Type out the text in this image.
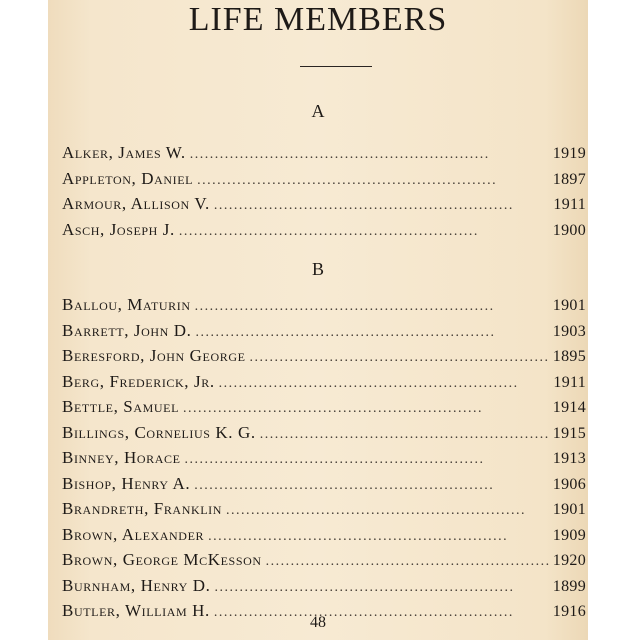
LIFE MEMBERS
A
Alker, James W. . . .	1919
Appleton, Daniel . . .	1897
Armour, Allison V. . . .	1911
Asch, Joseph J. . . .	1900
B
Ballou, Maturin . . .	1901
Barrett, John D. . . .	1903
Beresford, John George . . .	1895
Berg, Frederick, Jr. . . .	1911
Bettle, Samuel . . .	1914
Billings, Cornelius K. G. . . .	1915
Binney, Horace . . .	1913
Bishop, Henry A. . . .	1906
Brandreth, Franklin . . .	1901
Brown, Alexander . . .	1909
Brown, George McKesson . . .	1920
Burnham, Henry D. . . .	1899
Butler, William H. . . .	1916
48
